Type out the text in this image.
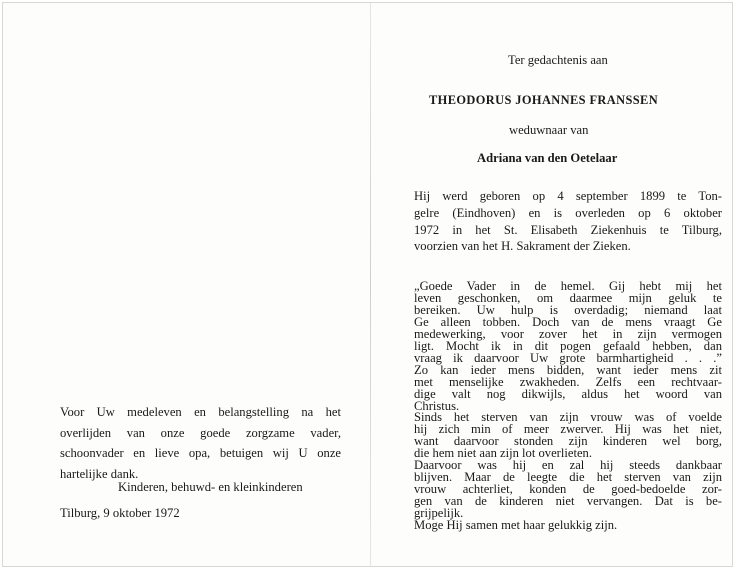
Voor Uw medeleven en belangstelling na het
overlijden van onze goede zorgzame vader,
schoonvader en lieve opa, betuigen wij U onze
hartelijke dank.
Kinderen, behuwd- en kleinkinderen
Tilburg, 9 oktober 1972
Ter gedachtenis aan
THEODORUS JOHANNES FRANSSEN
weduwnaar van
Adriana van den Oetelaar
Hij werd geboren op 4 september 1899 te Ton-
gelre (Eindhoven) en is overleden op 6 oktober
1972 in het St. Elisabeth Ziekenhuis te Tilburg,
voorzien van het H. Sakrament der Zieken.
„Goede Vader in de hemel. Gij hebt mij het
leven geschonken, om daarmee mijn geluk te
bereiken. Uw hulp is overdadig; niemand laat
Ge alleen tobben. Doch van de mens vraagt Ge
medewerking, voor zover het in zijn vermogen
ligt. Mocht ik in dit pogen gefaald hebben, dan
vraag ik daarvoor Uw grote barmhartigheid . . .”
Zo kan ieder mens bidden, want ieder mens zit
met menselijke zwakheden. Zelfs een rechtvaar-
dige valt nog dikwijls, aldus het woord van
Christus.
Sinds het sterven van zijn vrouw was of voelde
hij zich min of meer zwerver. Hij was het niet,
want daarvoor stonden zijn kinderen wel borg,
die hem niet aan zijn lot overlieten.
Daarvoor was hij en zal hij steeds dankbaar
blijven. Maar de leegte die het sterven van zijn
vrouw achterliet, konden de goed-bedoelde zor-
gen van de kinderen niet vervangen. Dat is be-
grijpelijk.
Moge Hij samen met haar gelukkig zijn.
